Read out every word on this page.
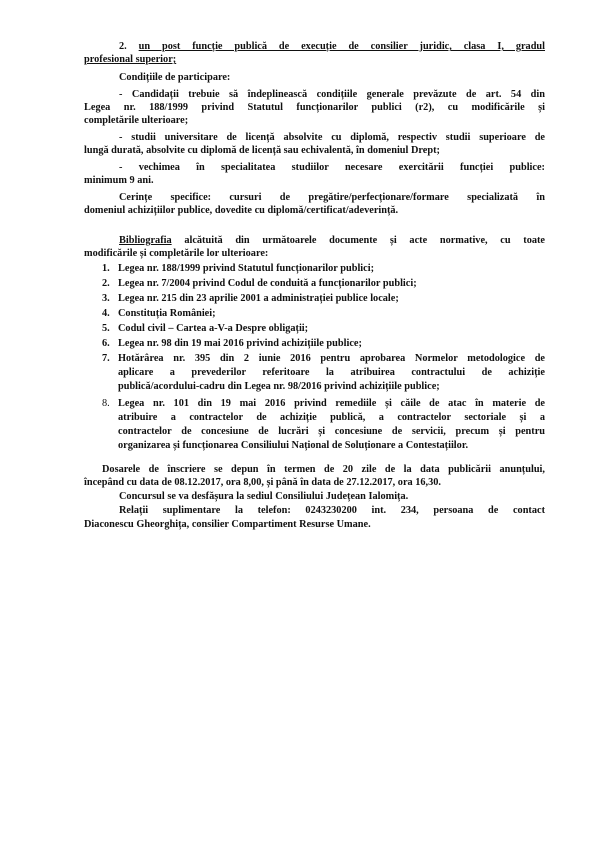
2. un post funcție publică de execuție de consilier juridic, clasa I, gradul
profesional superior;
Condițiile de participare:
- Candidații trebuie să îndeplinească condițiile generale prevăzute de art. 54 din
Legea nr. 188/1999 privind Statutul funcționarilor publici (r2), cu modificările și
completările ulterioare;
- studii universitare de licență absolvite cu diplomă, respectiv studii superioare de
lungă durată, absolvite cu diplomă de licență sau echivalentă, în domeniul Drept;
- vechimea în specialitatea studiilor necesare exercitării funcției publice:
minimum 9 ani.
Cerințe specifice: cursuri de pregătire/perfecționare/formare specializată în
domeniul achizițiilor publice, dovedite cu diplomă/certificat/adeverință.
Bibliografia alcătuită din următoarele documente și acte normative, cu toate
modificările și completările lor ulterioare:
1. Legea nr. 188/1999 privind Statutul funcționarilor publici;
2. Legea nr. 7/2004 privind Codul de conduită a funcționarilor publici;
3. Legea nr. 215 din 23 aprilie 2001 a administrației publice locale;
4. Constituția României;
5. Codul civil – Cartea a-V-a Despre obligații;
6. Legea nr. 98 din 19 mai 2016 privind achizițiile publice;
7. Hotărârea nr. 395 din 2 iunie 2016 pentru aprobarea Normelor metodologice de
aplicare a prevederilor referitoare la atribuirea contractului de achiziție
publică/acordului-cadru din Legea nr. 98/2016 privind achizițiile publice;
8. Legea nr. 101 din 19 mai 2016 privind remediile și căile de atac în materie de
atribuire a contractelor de achiziție publică, a contractelor sectoriale și a
contractelor de concesiune de lucrări și concesiune de servicii, precum și pentru
organizarea și funcționarea Consiliului Național de Soluționare a Contestațiilor.
Dosarele de înscriere se depun în termen de 20 zile de la data publicării anunțului,
începând cu data de 08.12.2017, ora 8,00, și până în data de 27.12.2017, ora 16,30.
Concursul se va desfășura la sediul Consiliului Județean Ialomița.
Relații suplimentare la telefon: 0243230200 int. 234, persoana de contact
Diaconescu Gheorghița, consilier Compartiment Resurse Umane.
